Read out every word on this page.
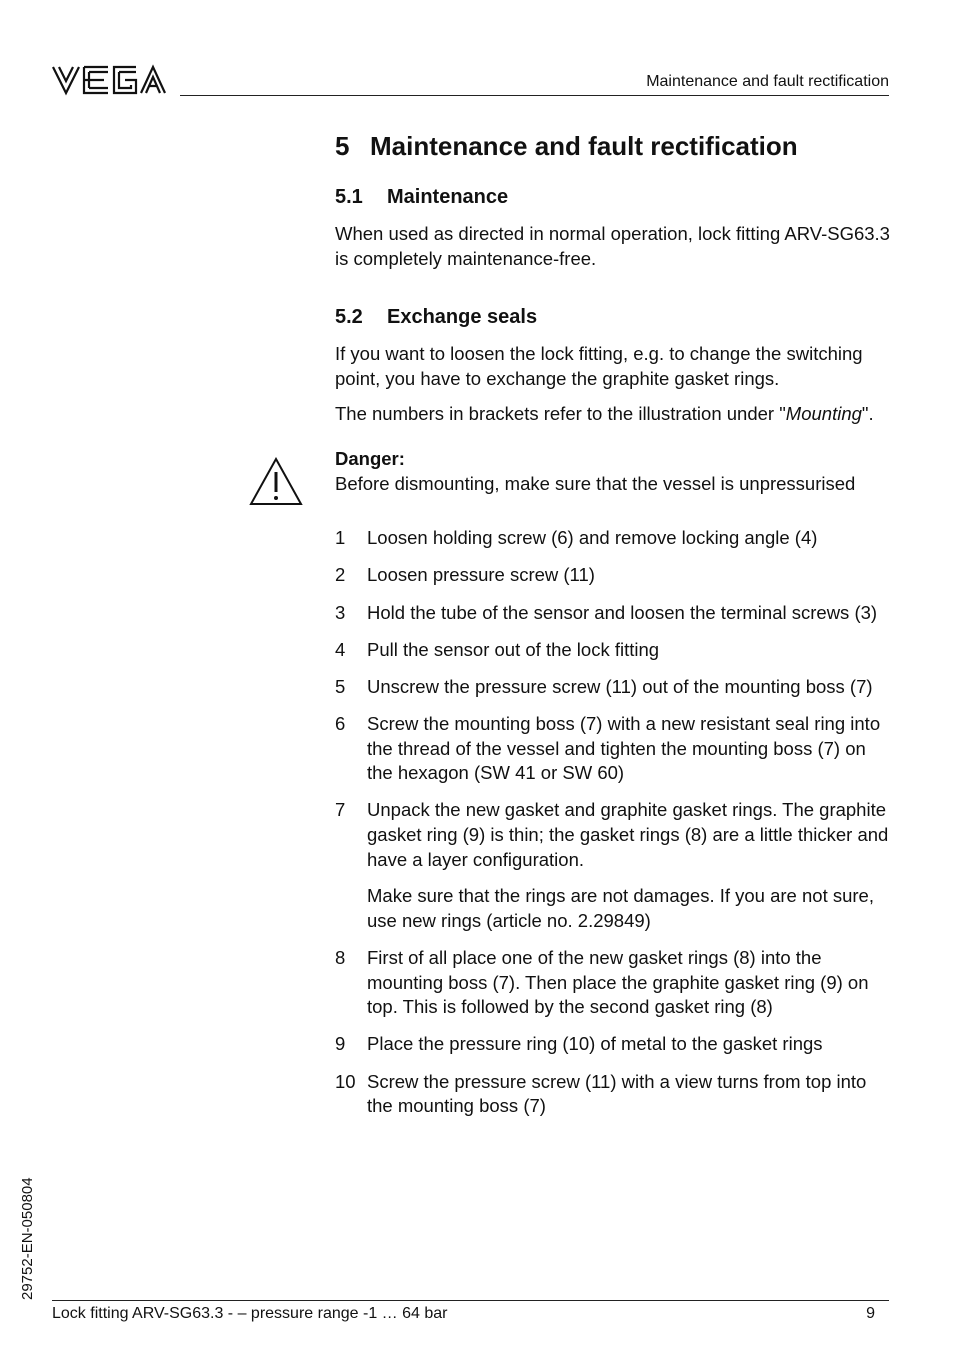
Maintenance and fault rectification
5 Maintenance and fault rectification
5.1 Maintenance

When used as directed in normal operation, lock fitting ARV-SG63.3 is completely maintenance-free.

5.2 Exchange seals

If you want to loosen the lock fitting, e.g. to change the switching point, you have to exchange the graphite gasket rings.

The numbers in brackets refer to the illustration under "Mounting".

Danger:

Before dismounting, make sure that the vessel is unpressurised

1 Loosen holding screw (6) and remove locking angle (4)
2 Loosen pressure screw (11)
3 Hold the tube of the sensor and loosen the terminal screws (3)
4 Pull the sensor out of the lock fitting
5 Unscrew the pressure screw (11) out of the mounting boss (7)
6 Screw the mounting boss (7) with a new resistant seal ring into the thread of the vessel and tighten the mounting boss (7) on the hexagon (SW 41 or SW 60)
7 Unpack the new gasket and graphite gasket rings. The graphite gasket ring (9) is thin; the gasket rings (8) are a little thicker and have a layer configuration.
Make sure that the rings are not damages. If you are not sure, use new rings (article no. 2.29849)
8 First of all place one of the new gasket rings (8) into the mounting boss (7). Then place the graphite gasket ring (9) on top. This is followed by the second gasket ring (8)
9 Place the pressure ring (10) of metal to the gasket rings
10 Screw the pressure screw (11) with a view turns from top into the mounting boss (7)
29752-EN-050804
Lock fitting ARV-SG63.3 - – pressure range -1 … 64 bar	9
